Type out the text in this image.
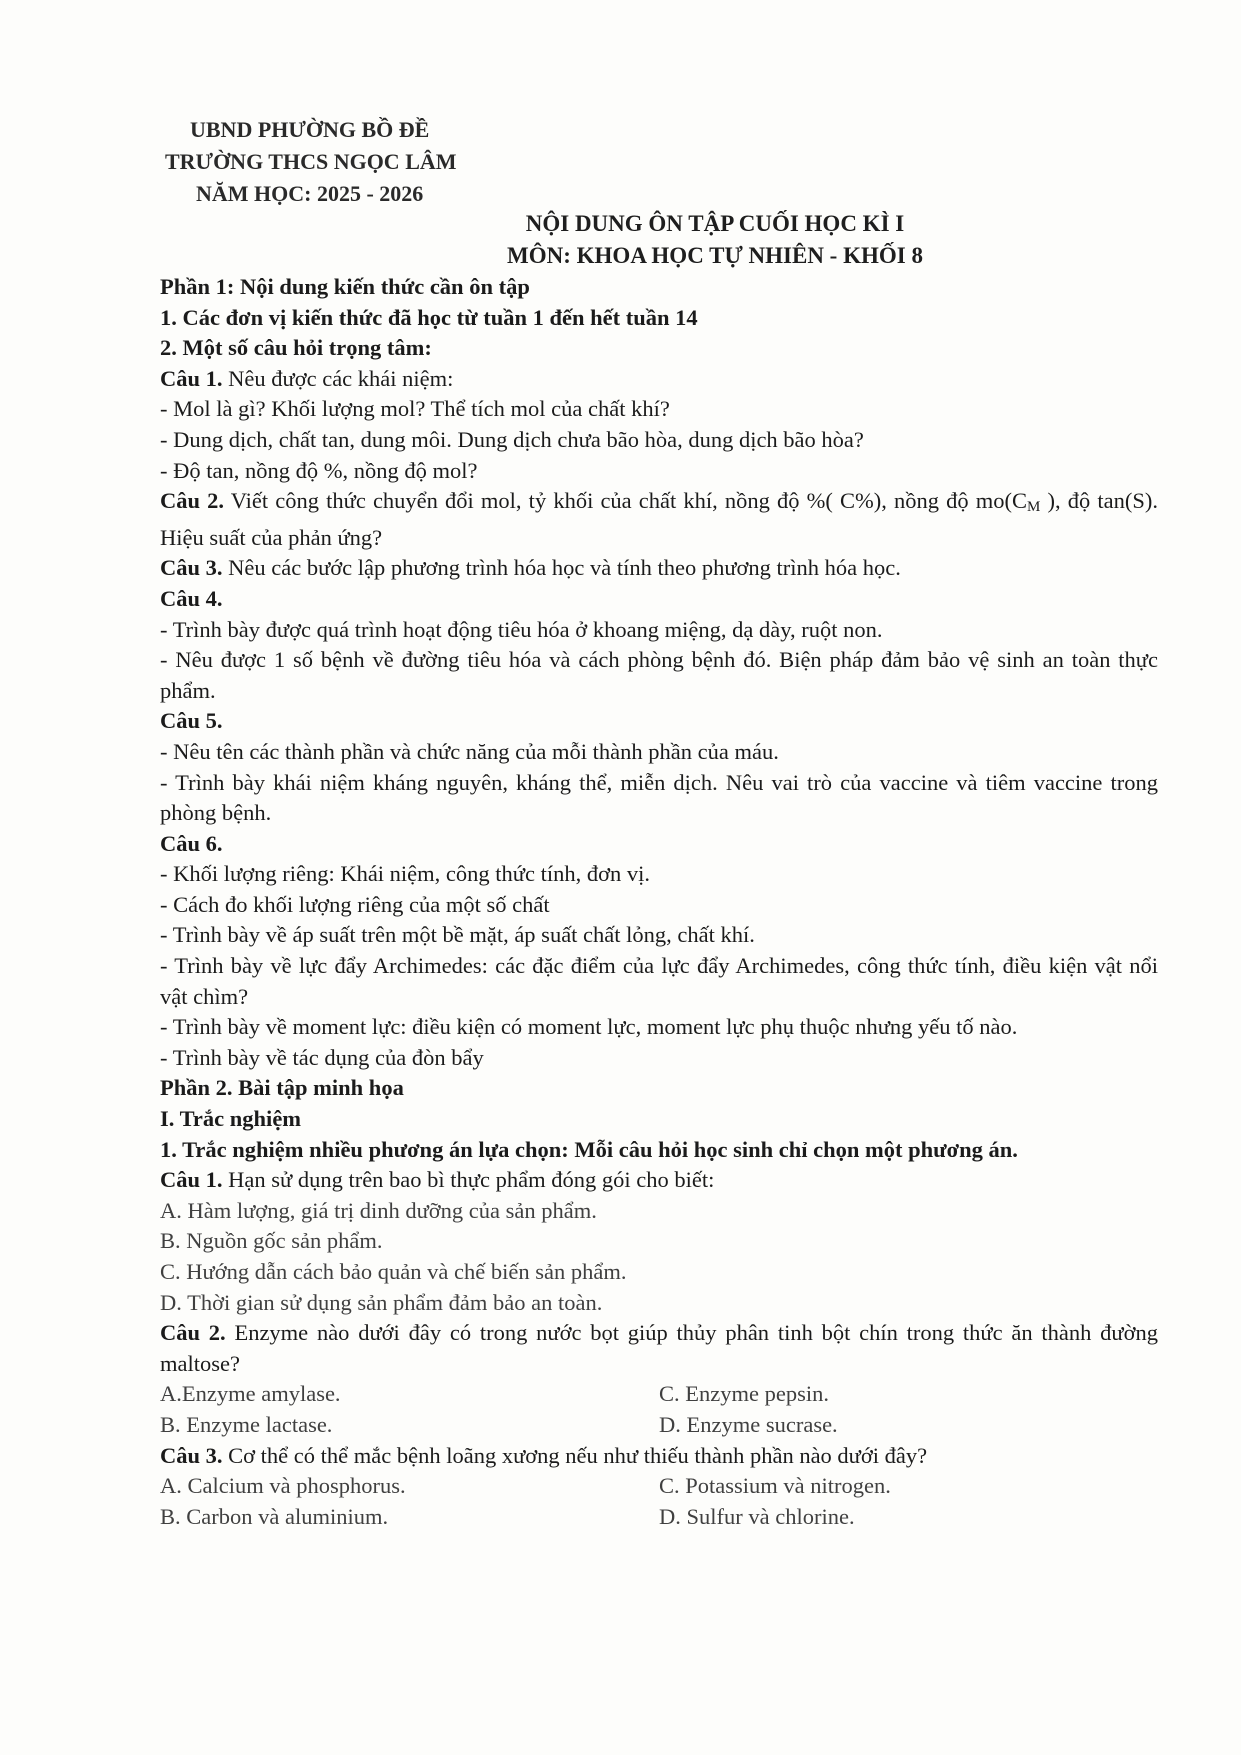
UBND PHƯỜNG BỒ ĐỀ
TRƯỜNG THCS NGỌC LÂM
NĂM HỌC: 2025 - 2026
NỘI DUNG ÔN TẬP CUỐI HỌC KÌ I
MÔN: KHOA HỌC TỰ NHIÊN - KHỐI 8
Phần 1: Nội dung kiến thức cần ôn tập
1. Các đơn vị kiến thức đã học từ tuần 1 đến hết tuần 14
2. Một số câu hỏi trọng tâm:
Câu 1. Nêu được các khái niệm:
- Mol là gì? Khối lượng mol? Thể tích mol của chất khí?
- Dung dịch, chất tan, dung môi. Dung dịch chưa bão hòa, dung dịch bão hòa?
- Độ tan, nồng độ %, nồng độ mol?
Câu 2. Viết công thức chuyển đổi mol, tỷ khối của chất khí, nồng độ %( C%), nồng độ $mo(C_M$ ), độ tan(S). Hiệu suất của phản ứng?
Câu 3. Nêu các bước lập phương trình hóa học và tính theo phương trình hóa học.
Câu 4.
- Trình bày được quá trình hoạt động tiêu hóa ở khoang miệng, dạ dày, ruột non.
- Nêu được 1 số bệnh về đường tiêu hóa và cách phòng bệnh đó. Biện pháp đảm bảo vệ sinh an toàn thực phẩm.
Câu 5.
- Nêu tên các thành phần và chức năng của mỗi thành phần của máu.
- Trình bày khái niệm kháng nguyên, kháng thể, miễn dịch. Nêu vai trò của vaccine và tiêm vaccine trong phòng bệnh.
Câu 6.
- Khối lượng riêng: Khái niệm, công thức tính, đơn vị.
- Cách đo khối lượng riêng của một số chất
- Trình bày về áp suất trên một bề mặt, áp suất chất lỏng, chất khí.
- Trình bày về lực đẩy Archimedes: các đặc điểm của lực đẩy Archimedes, công thức tính, điều kiện vật nổi vật chìm?
- Trình bày về moment lực: điều kiện có moment lực, moment lực phụ thuộc nhưng yếu tố nào.
- Trình bày về tác dụng của đòn bẩy
Phần 2. Bài tập minh họa
I. Trắc nghiệm
1. Trắc nghiệm nhiều phương án lựa chọn: Mỗi câu hỏi học sinh chỉ chọn một phương án.
Câu 1. Hạn sử dụng trên bao bì thực phẩm đóng gói cho biết:
A. Hàm lượng, giá trị dinh dưỡng của sản phẩm.
B. Nguồn gốc sản phẩm.
C. Hướng dẫn cách bảo quản và chế biến sản phẩm.
D. Thời gian sử dụng sản phẩm đảm bảo an toàn.
Câu 2. Enzyme nào dưới đây có trong nước bọt giúp thủy phân tinh bột chín trong thức ăn thành đường maltose?
A.Enzyme amylase.	C. Enzyme pepsin.
B. Enzyme lactase.	D. Enzyme sucrase.
Câu 3. Cơ thể có thể mắc bệnh loãng xương nếu như thiếu thành phần nào dưới đây?
A. Calcium và phosphorus.	C. Potassium và nitrogen.
B. Carbon và aluminium.	D. Sulfur và chlorine.
